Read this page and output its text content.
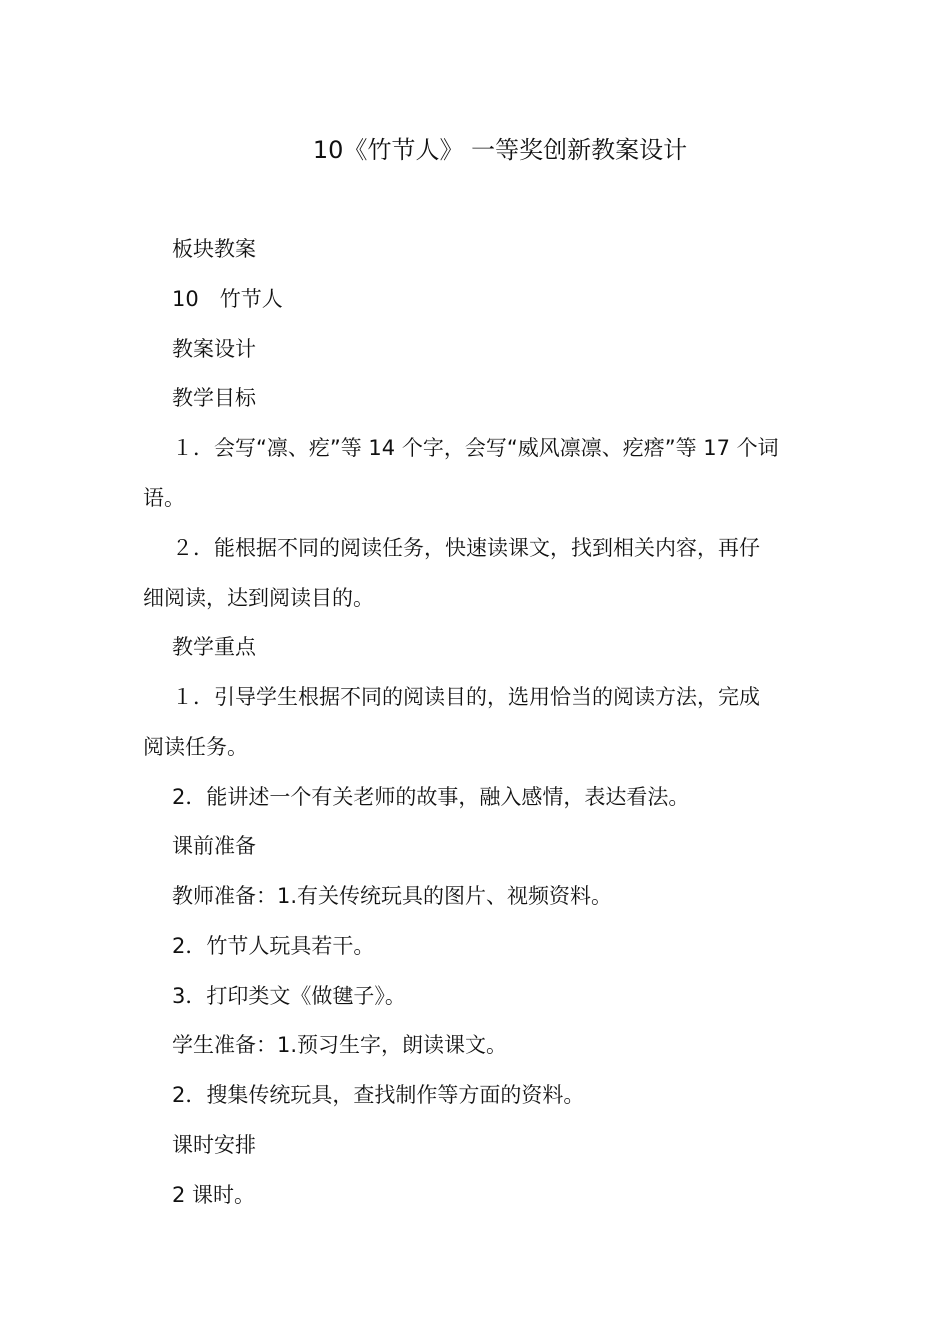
10《竹节人》 一等奖创新教案设计
板块教案
10　竹节人
教案设计
教学目标
１．会写“凛、疙”等 14 个字，会写“威风凛凛、疙瘩”等 17 个词
语。
２．能根据不同的阅读任务，快速读课文，找到相关内容，再仔
细阅读，达到阅读目的。
教学重点
１．引导学生根据不同的阅读目的，选用恰当的阅读方法，完成
阅读任务。
2．能讲述一个有关老师的故事，融入感情，表达看法。
课前准备
教师准备：1.有关传统玩具的图片、视频资料。
2．竹节人玩具若干。
3．打印类文《做毽子》。
学生准备：1.预习生字，朗读课文。
2．搜集传统玩具，查找制作等方面的资料。
课时安排
2 课时。
